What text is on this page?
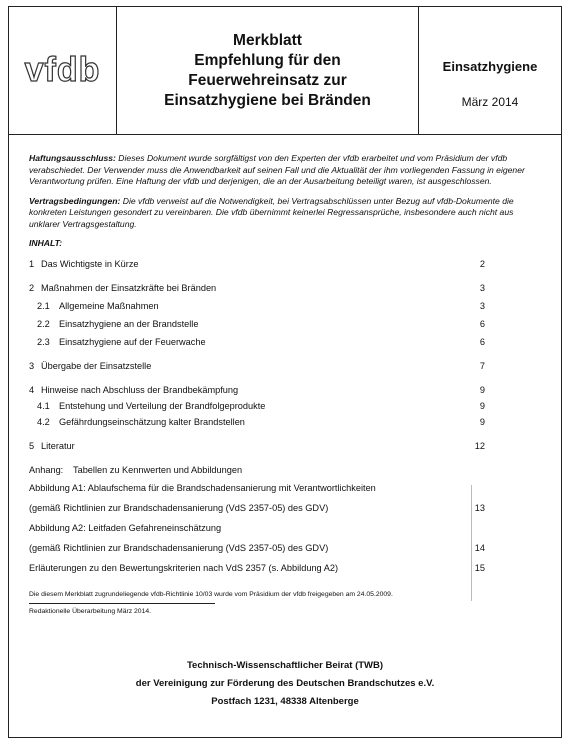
vfdb
Merkblatt
Empfehlung für den
Feuerwehreinsatz zur
Einsatzhygiene bei Bränden
Einsatzhygiene
März 2014

Haftungsausschluss: Dieses Dokument wurde sorgfältigst von den Experten der vfdb erarbeitet und vom Präsidium der vfdb verabschiedet. Der Verwender muss die Anwendbarkeit auf seinen Fall und die Aktualität der ihm vorliegenden Fassung in eigener Verantwortung prüfen. Eine Haftung der vfdb und derjenigen, die an der Ausarbeitung beteiligt waren, ist ausgeschlossen.

Vertragsbedingungen: Die vfdb verweist auf die Notwendigkeit, bei Vertragsabschlüssen unter Bezug auf vfdb-Dokumente die konkreten Leistungen gesondert zu vereinbaren. Die vfdb übernimmt keinerlei Regressansprüche, insbesondere auch nicht aus unklarer Vertragsgestaltung.

INHALT:
1 Das Wichtigste in Kürze	2
2 Maßnahmen der Einsatzkräfte bei Bränden	3
2.1 Allgemeine Maßnahmen	3
2.2 Einsatzhygiene an der Brandstelle	6
2.3 Einsatzhygiene auf der Feuerwache	6
3 Übergabe der Einsatzstelle	7
4 Hinweise nach Abschluss der Brandbekämpfung	9
4.1 Entstehung und Verteilung der Brandfolgeprodukte	9
4.2 Gefährdungseinschätzung kalter Brandstellen	9
5 Literatur	12
Anhang: Tabellen zu Kennwerten und Abbildungen
Abbildung A1: Ablaufschema für die Brandschadensanierung mit Verantwortlichkeiten
(gemäß Richtlinien zur Brandschadensanierung (VdS 2357-05) des GDV)	13
Abbildung A2: Leitfaden Gefahreneinschätzung
(gemäß Richtlinien zur Brandschadensanierung (VdS 2357-05) des GDV)	14
Erläuterungen zu den Bewertungskriterien nach VdS 2357 (s. Abbildung A2)	15
Die diesem Merkblatt zugrundeliegende vfdb-Richtlinie 10/03 wurde vom Präsidium der vfdb freigegeben am 24.05.2009.
Redaktionelle Überarbeitung März 2014.
Technisch-Wissenschaftlicher Beirat (TWB)
der Vereinigung zur Förderung des Deutschen Brandschutzes e.V.
Postfach 1231, 48338 Altenberge
